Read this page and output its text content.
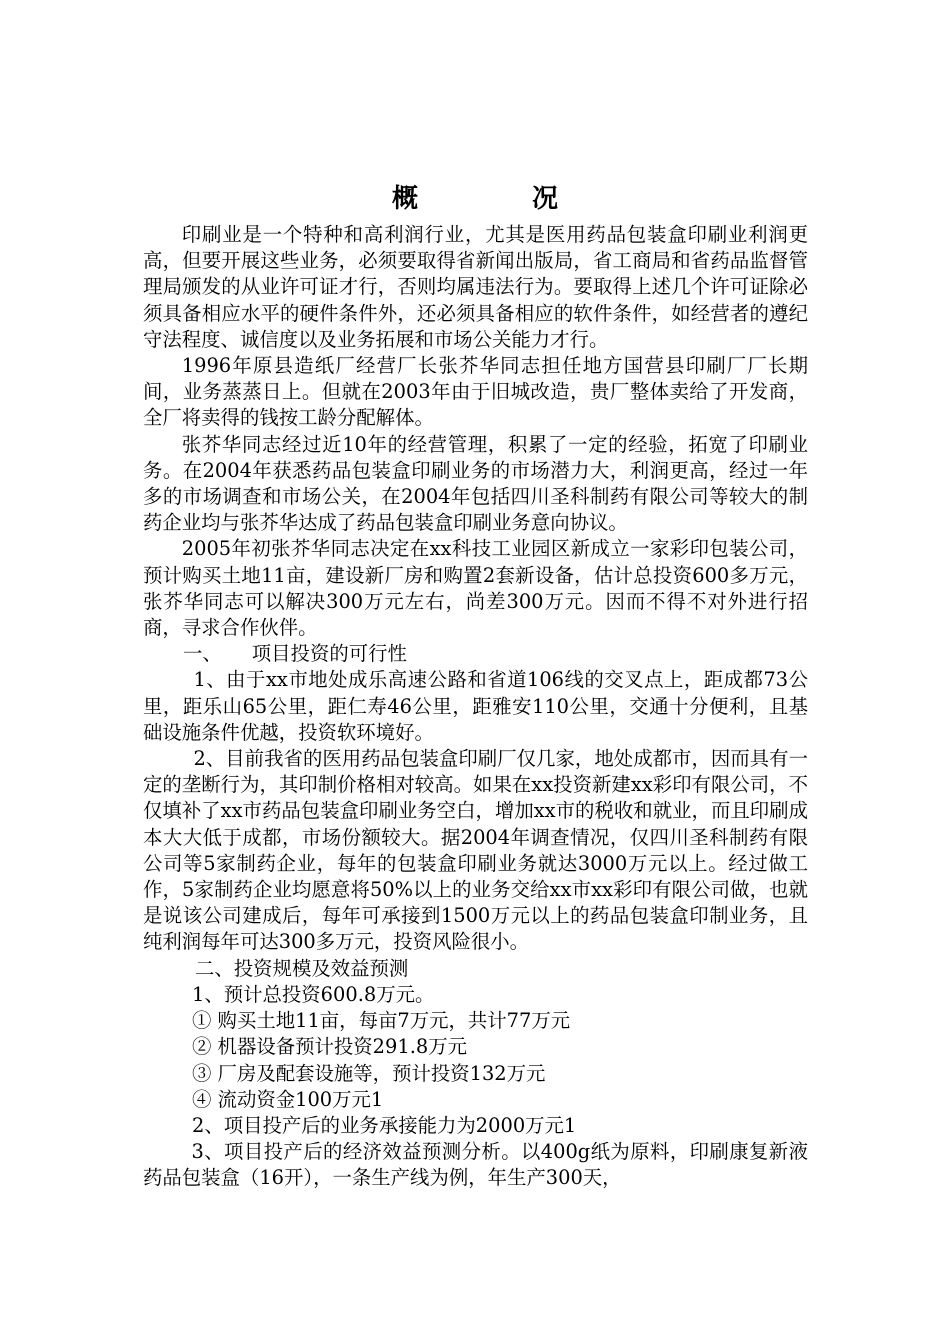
概　况

印刷业是一个特种和高利润行业，尤其是医用药品包装盒印刷业利润更高，但要开展这些业务，必须要取得省新闻出版局，省工商局和省药品监督管理局颁发的从业许可证才行，否则均属违法行为。要取得上述几个许可证除必须具备相应水平的硬件条件外，还必须具备相应的软件条件，如经营者的遵纪守法程度、诚信度以及业务拓展和市场公关能力才行。

1996年原县造纸厂经营厂长张芥华同志担任地方国营县印刷厂厂长期间，业务蒸蒸日上。但就在2003年由于旧城改造，贵厂整体卖给了开发商，全厂将卖得的钱按工龄分配解体。

张芥华同志经过近10年的经营管理，积累了一定的经验，拓宽了印刷业务。在2004年获悉药品包装盒印刷业务的市场潜力大，利润更高，经过一年多的市场调查和市场公关，在2004年包括四川圣科制药有限公司等较大的制药企业均与张芥华达成了药品包装盒印刷业务意向协议。

2005年初张芥华同志决定在xx科技工业园区新成立一家彩印包装公司，预计购买土地11亩，建设新厂房和购置2套新设备，估计总投资600多万元，张芥华同志可以解决300万元左右，尚差300万元。因而不得不对外进行招商，寻求合作伙伴。

一、 项目投资的可行性

1、由于xx市地处成乐高速公路和省道106线的交叉点上，距成都73公里，距乐山65公里，距仁寿46公里，距雅安110公里，交通十分便利，且基础设施条件优越，投资软环境好。

2、目前我省的医用药品包装盒印刷厂仅几家，地处成都市，因而具有一定的垄断行为，其印制价格相对较高。如果在xx投资新建xx彩印有限公司，不仅填补了xx市药品包装盒印刷业务空白，增加xx市的税收和就业，而且印刷成本大大低于成都，市场份额较大。据2004年调查情况，仅四川圣科制药有限公司等5家制药企业，每年的包装盒印刷业务就达3000万元以上。经过做工作，5家制药企业均愿意将50%以上的业务交给xx市xx彩印有限公司做，也就是说该公司建成后，每年可承接到1500万元以上的药品包装盒印制业务，且纯利润每年可达300多万元，投资风险很小。

二、投资规模及效益预测

1、预计总投资600.8万元。

① 购买土地11亩，每亩7万元，共计77万元

② 机器设备预计投资291.8万元

③ 厂房及配套设施等，预计投资132万元

④ 流动资金100万元1

2、项目投产后的业务承接能力为2000万元1

3、项目投产后的经济效益预测分析。以400g纸为原料，印刷康复新液药品包装盒（16开），一条生产线为例，年生产300天，
